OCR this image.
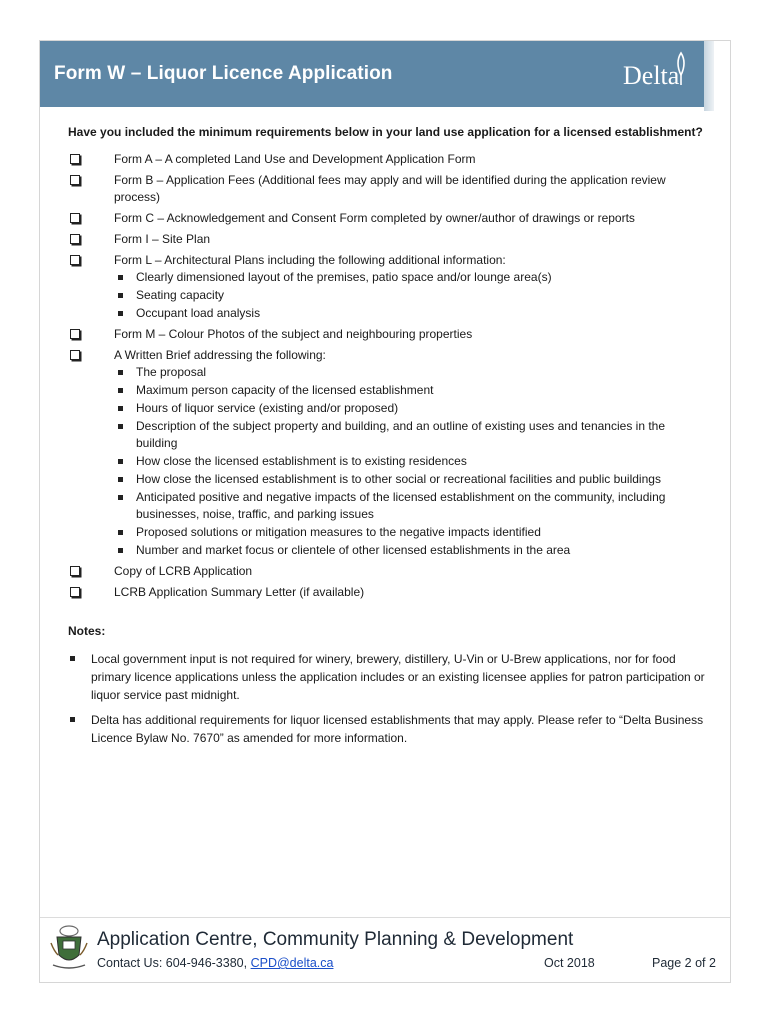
Form W – Liquor Licence Application	Delta
Have you included the minimum requirements below in your land use application for a licensed establishment?
Form A – A completed Land Use and Development Application Form
Form B – Application Fees (Additional fees may apply and will be identified during the application review process)
Form C – Acknowledgement and Consent Form completed by owner/author of drawings or reports
Form I – Site Plan
Form L – Architectural Plans including the following additional information:
Clearly dimensioned layout of the premises, patio space and/or lounge area(s)
Seating capacity
Occupant load analysis
Form M – Colour Photos of the subject and neighbouring properties
A Written Brief addressing the following:
The proposal
Maximum person capacity of the licensed establishment
Hours of liquor service (existing and/or proposed)
Description of the subject property and building, and an outline of existing uses and tenancies in the building
How close the licensed establishment is to existing residences
How close the licensed establishment is to other social or recreational facilities and public buildings
Anticipated positive and negative impacts of the licensed establishment on the community, including businesses, noise, traffic, and parking issues
Proposed solutions or mitigation measures to the negative impacts identified
Number and market focus or clientele of other licensed establishments in the area
Copy of LCRB Application
LCRB Application Summary Letter (if available)
Notes:
Local government input is not required for winery, brewery, distillery, U-Vin or U-Brew applications, nor for food primary licence applications unless the application includes or an existing licensee applies for patron participation or liquor service past midnight.
Delta has additional requirements for liquor licensed establishments that may apply. Please refer to “Delta Business Licence Bylaw No. 7670” as amended for more information.
Application Centre, Community Planning & Development
Contact Us: 604-946-3380, CPD@delta.ca	Oct 2018	Page 2 of 2
